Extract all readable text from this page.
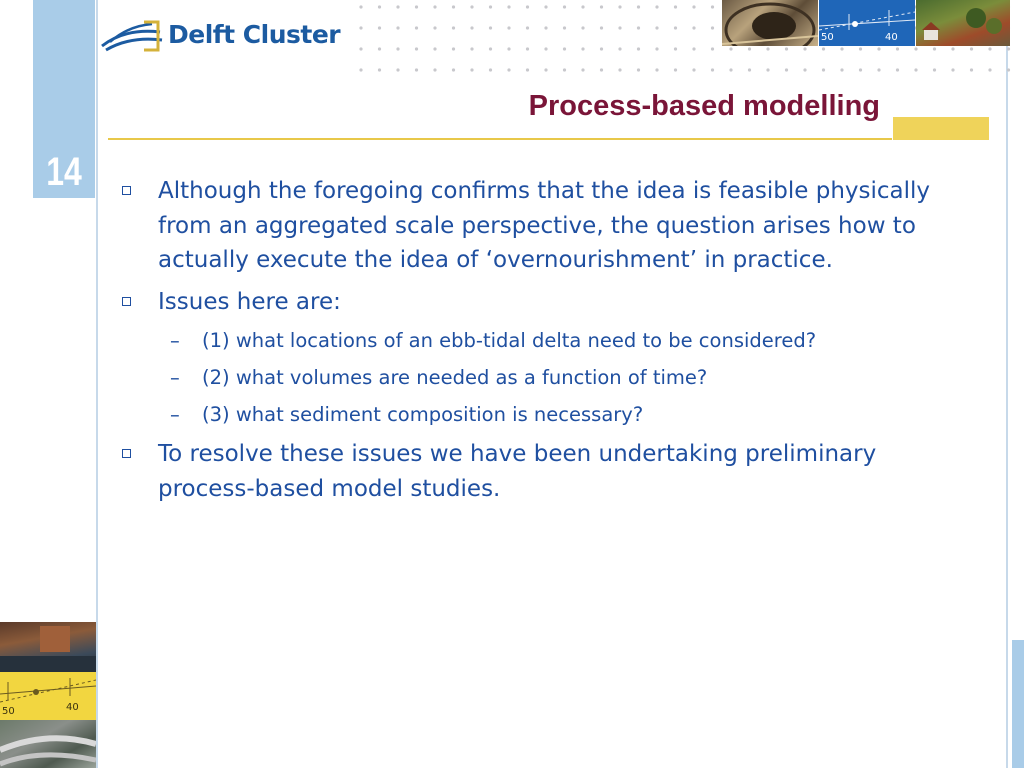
14
Delft Cluster	50	40
Process-based modelling
Although the foregoing confirms that the idea is feasible physically from an aggregated scale perspective, the question arises how to actually execute the idea of ‘overnourishment’ in practice.
Issues here are:
– (1) what locations of an ebb-tidal delta need to be considered?
– (2) what volumes are needed as a function of time?
– (3) what sediment composition is necessary?
To resolve these issues we have been undertaking preliminary process-based model studies.
50	40
